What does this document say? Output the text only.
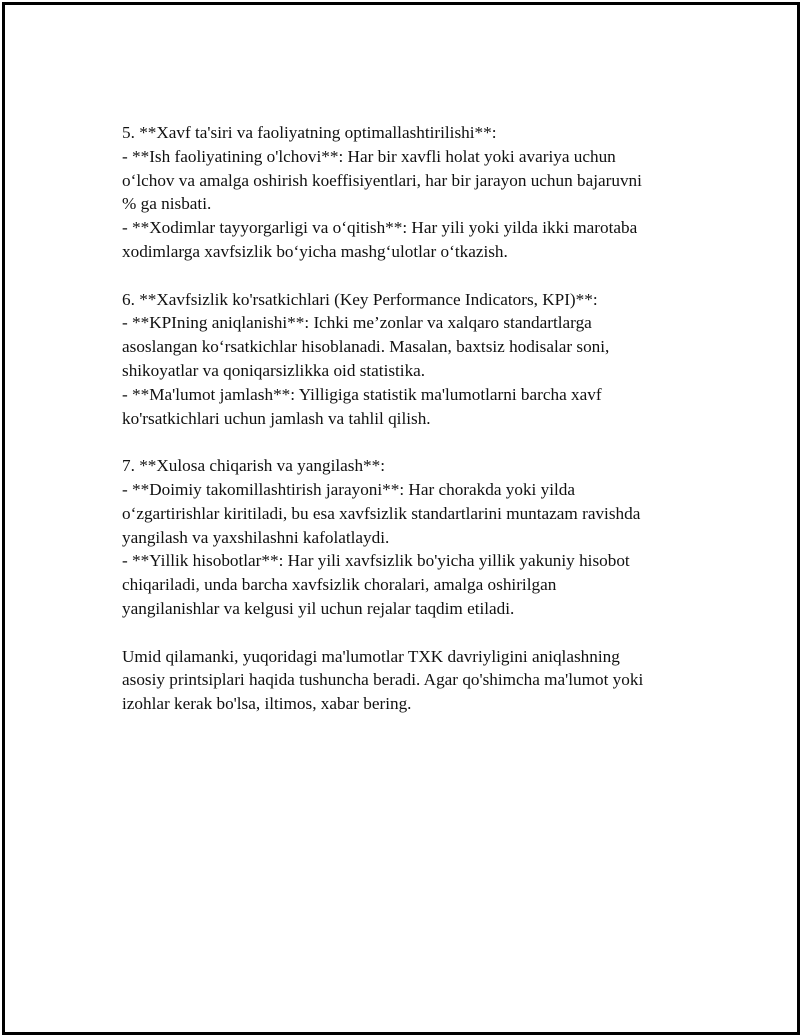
5. **Xavf ta'siri va faoliyatning optimallashtirilishi**:
- **Ish faoliyatining o'lchovi**: Har bir xavfli holat yoki avariya uchun
o‘lchov va amalga oshirish koeffisiyentlari, har bir jarayon uchun bajaruvni
% ga nisbati.
- **Xodimlar tayyorgarligi va o‘qitish**: Har yili yoki yilda ikki marotaba
xodimlarga xavfsizlik bo‘yicha mashg‘ulotlar o‘tkazish.
6. **Xavfsizlik ko'rsatkichlari (Key Performance Indicators, KPI)**:
- **KPIning aniqlanishi**: Ichki me’zonlar va xalqaro standartlarga
asoslangan ko‘rsatkichlar hisoblanadi. Masalan, baxtsiz hodisalar soni,
shikoyatlar va qoniqarsizlikka oid statistika.
- **Ma'lumot jamlash**: Yilligiga statistik ma'lumotlarni barcha xavf
ko'rsatkichlari uchun jamlash va tahlil qilish.
7. **Xulosa chiqarish va yangilash**:
- **Doimiy takomillashtirish jarayoni**: Har chorakda yoki yilda
o‘zgartirishlar kiritiladi, bu esa xavfsizlik standartlarini muntazam ravishda
yangilash va yaxshilashni kafolatlaydi.
- **Yillik hisobotlar**: Har yili xavfsizlik bo'yicha yillik yakuniy hisobot
chiqariladi, unda barcha xavfsizlik choralari, amalga oshirilgan
yangilanishlar va kelgusi yil uchun rejalar taqdim etiladi.
Umid qilamanki, yuqoridagi ma'lumotlar TXK davriyligini aniqlashning
asosiy printsiplari haqida tushuncha beradi. Agar qo'shimcha ma'lumot yoki
izohlar kerak bo'lsa, iltimos, xabar bering.
